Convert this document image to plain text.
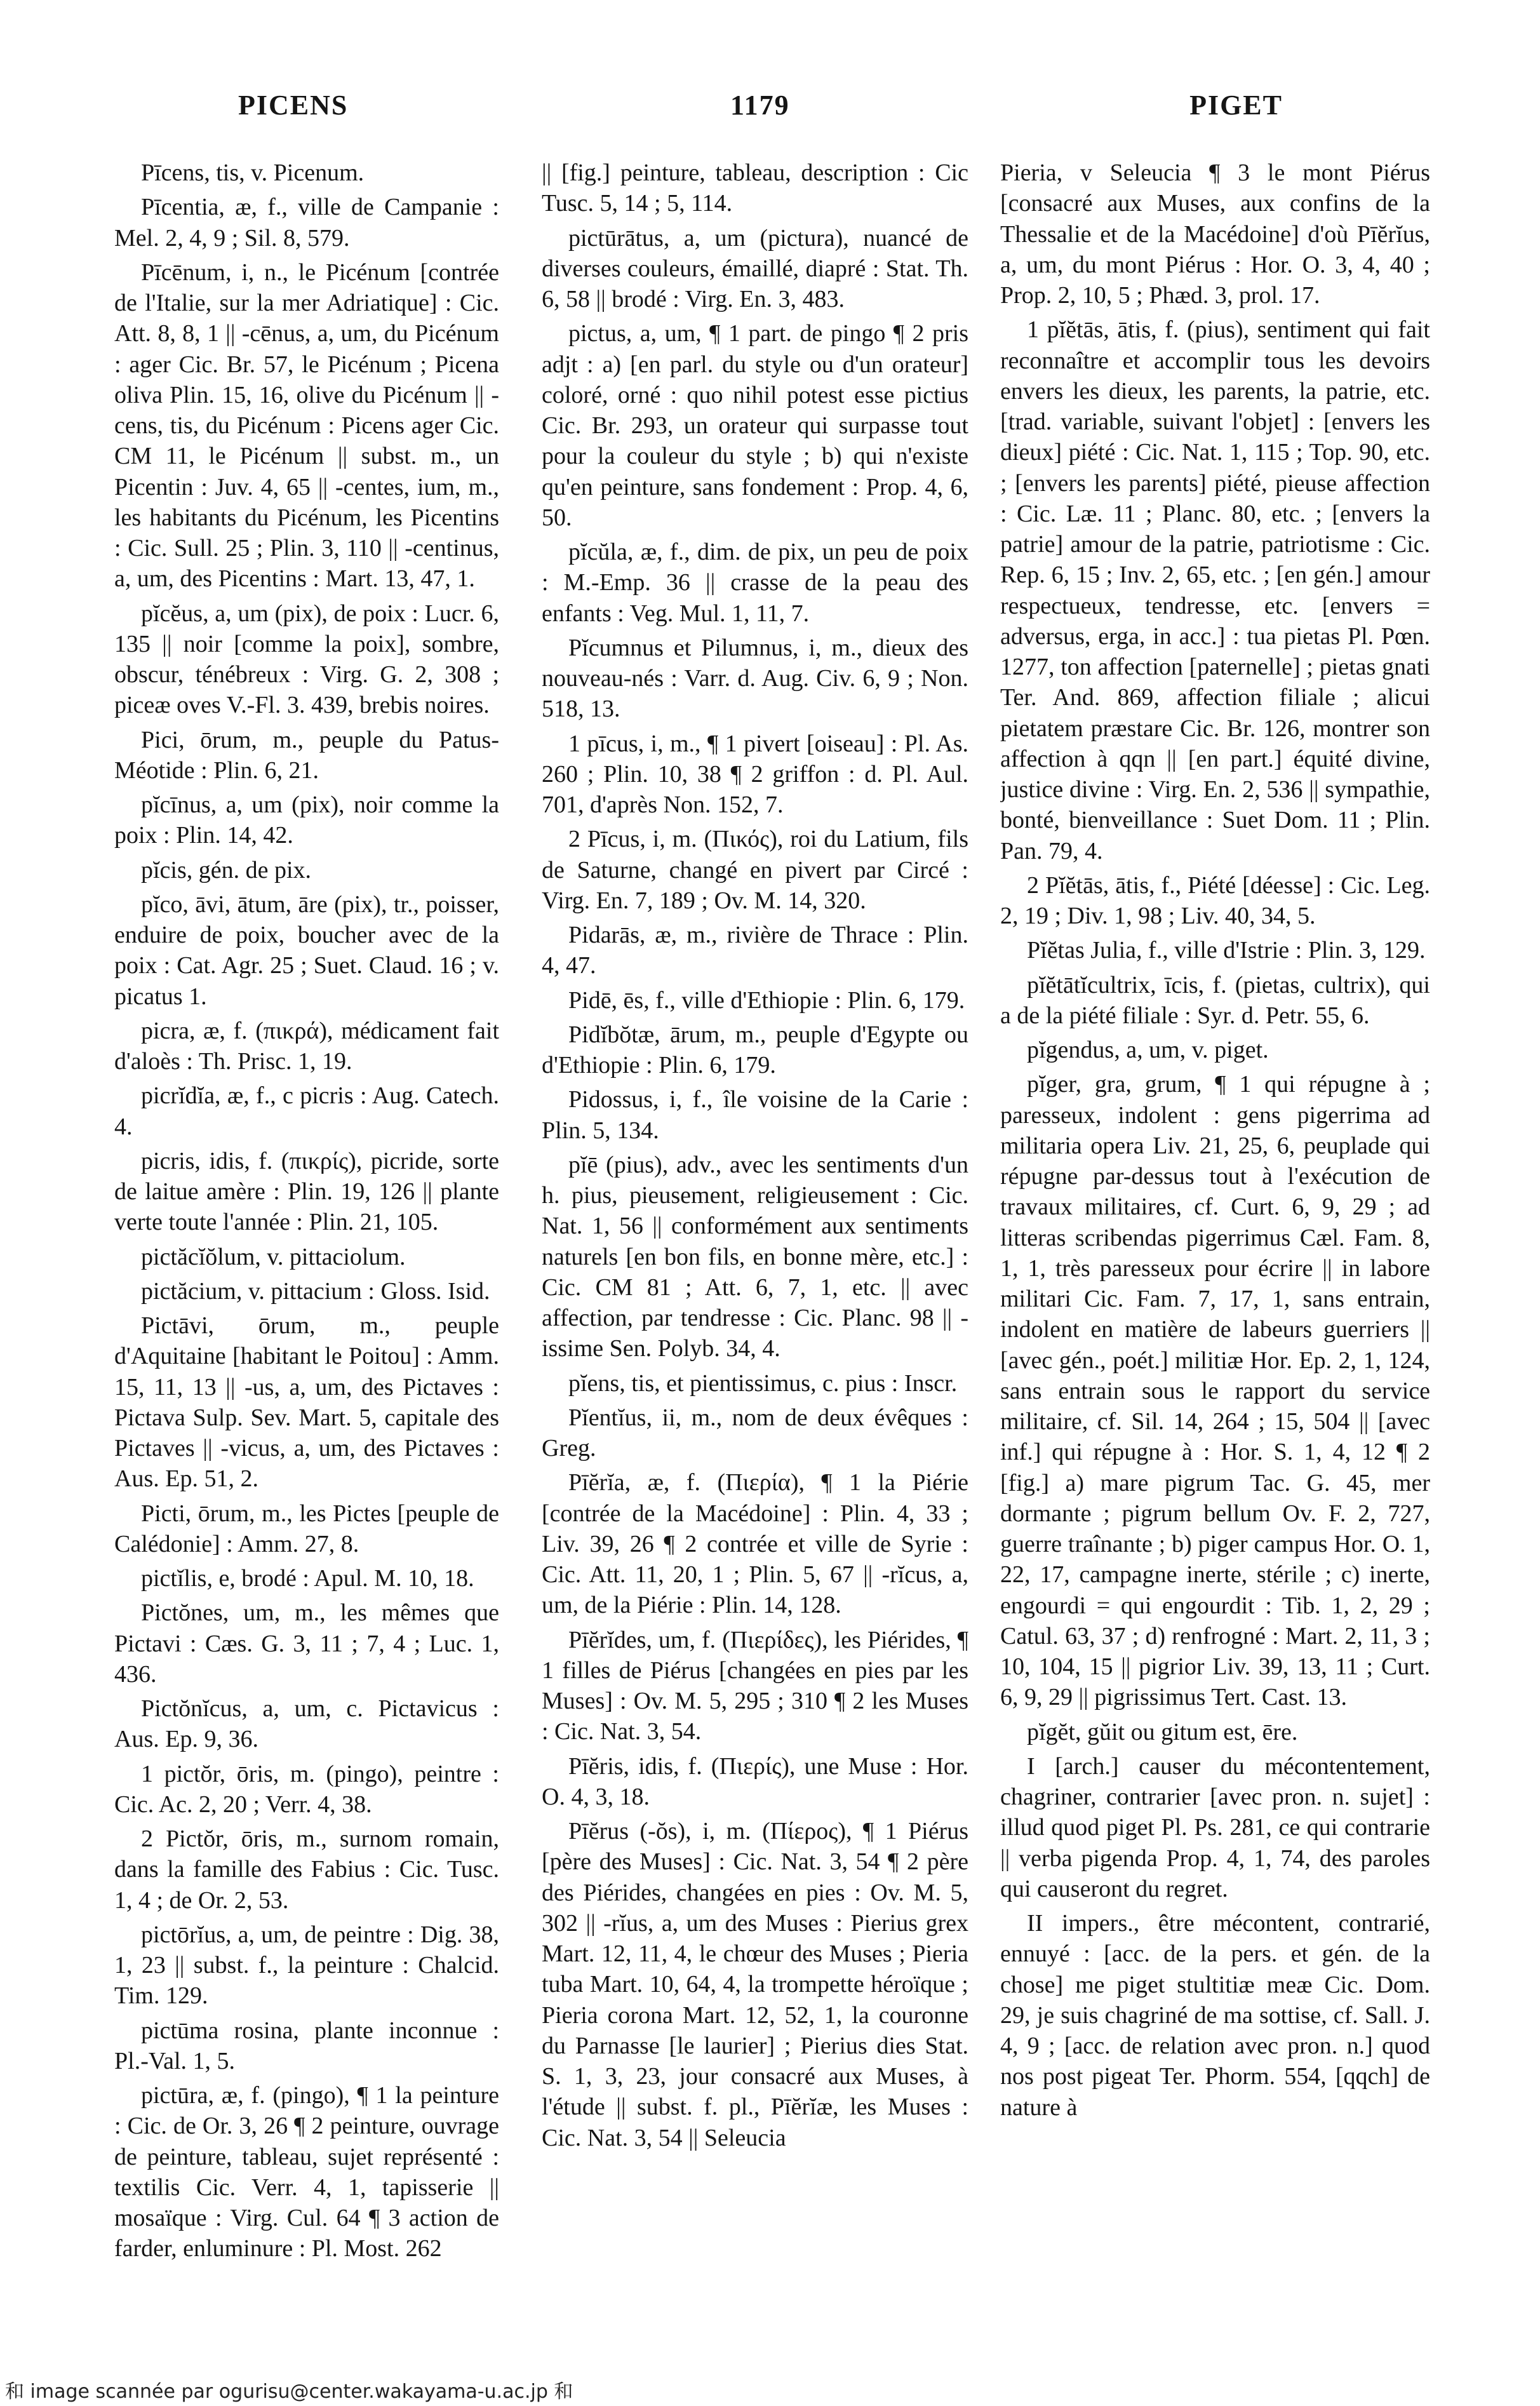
PICENS	1179	PIGET
Pīcens, tis, v. Picenum.
Pīcentia, æ, f., ville de Campanie : Mel. 2, 4, 9 ; Sil. 8, 579.
Pīcēnum, i, n., le Picénum [contrée de l'Italie, sur la mer Adriatique] : Cic. Att. 8, 8, 1 || -cēnus, a, um, du Picénum : ager Cic. Br. 57, le Picénum ; Picena oliva Plin. 15, 16, olive du Picénum || -cens, tis, du Picénum : Picens ager Cic. CM 11, le Picénum || subst. m., un Picentin : Juv. 4, 65 || -centes, ium, m., les habitants du Picénum, les Picentins : Cic. Sull. 25 ; Plin. 3, 110 || -centinus, a, um, des Picentins : Mart. 13, 47, 1.
pĭcĕus, a, um (pix), de poix : Lucr. 6, 135 || noir [comme la poix], sombre, obscur, ténébreux : Virg. G. 2, 308 ; piceæ oves V.-Fl. 3. 439, brebis noires.
Pici, ōrum, m., peuple du Patus-Méotide : Plin. 6, 21.
pĭcīnus, a, um (pix), noir comme la poix : Plin. 14, 42.
pĭcis, gén. de pix.
pĭco, āvi, ātum, āre (pix), tr., poisser, enduire de poix, boucher avec de la poix : Cat. Agr. 25 ; Suet. Claud. 16 ; v. picatus 1.
picra, æ, f. (πικρά), médicament fait d'aloès : Th. Prisc. 1, 19.
picrĭdĭa, æ, f., c picris : Aug. Catech. 4.
picris, idis, f. (πικρίς), picride, sorte de laitue amère : Plin. 19, 126 || plante verte toute l'année : Plin. 21, 105.
pictăcĭŏlum, v. pittaciolum.
pictăcium, v. pittacium : Gloss. Isid.
Pictāvi, ōrum, m., peuple d'Aquitaine [habitant le Poitou] : Amm. 15, 11, 13 || -us, a, um, des Pictaves : Pictava Sulp. Sev. Mart. 5, capitale des Pictaves || -vicus, a, um, des Pictaves : Aus. Ep. 51, 2.
Picti, ōrum, m., les Pictes [peuple de Calédonie] : Amm. 27, 8.
pictĭlis, e, brodé : Apul. M. 10, 18.
Pictŏnes, um, m., les mêmes que Pictavi : Cæs. G. 3, 11 ; 7, 4 ; Luc. 1, 436.
Pictŏnĭcus, a, um, c. Pictavicus : Aus. Ep. 9, 36.
1 pictŏr, ōris, m. (pingo), peintre : Cic. Ac. 2, 20 ; Verr. 4, 38.
2 Pictŏr, ōris, m., surnom romain, dans la famille des Fabius : Cic. Tusc. 1, 4 ; de Or. 2, 53.
pictōrĭus, a, um, de peintre : Dig. 38, 1, 23 || subst. f., la peinture : Chalcid. Tim. 129.
pictūma rosina, plante inconnue : Pl.-Val. 1, 5.
pictūra, æ, f. (pingo), ¶ 1 la peinture : Cic. de Or. 3, 26 ¶ 2 peinture, ouvrage de peinture, tableau, sujet représenté : textilis Cic. Verr. 4, 1, tapisserie || mosaïque : Virg. Cul. 64 ¶ 3 action de farder, enluminure : Pl. Most. 262
|| [fig.] peinture, tableau, description : Cic Tusc. 5, 14 ; 5, 114.
pictūrātus, a, um (pictura), nuancé de diverses couleurs, émaillé, diapré : Stat. Th. 6, 58 || brodé : Virg. En. 3, 483.
pictus, a, um, ¶ 1 part. de pingo ¶ 2 pris adjt : a) [en parl. du style ou d'un orateur] coloré, orné : quo nihil potest esse pictius Cic. Br. 293, un orateur qui surpasse tout pour la couleur du style ; b) qui n'existe qu'en peinture, sans fondement : Prop. 4, 6, 50.
pĭcŭla, æ, f., dim. de pix, un peu de poix : M.-Emp. 36 || crasse de la peau des enfants : Veg. Mul. 1, 11, 7.
Pĭcumnus et Pilumnus, i, m., dieux des nouveau-nés : Varr. d. Aug. Civ. 6, 9 ; Non. 518, 13.
1 pīcus, i, m., ¶ 1 pivert [oiseau] : Pl. As. 260 ; Plin. 10, 38 ¶ 2 griffon : d. Pl. Aul. 701, d'après Non. 152, 7.
2 Pīcus, i, m. (Πικός), roi du Latium, fils de Saturne, changé en pivert par Circé : Virg. En. 7, 189 ; Ov. M. 14, 320.
Pidarās, æ, m., rivière de Thrace : Plin. 4, 47.
Pidē, ēs, f., ville d'Ethiopie : Plin. 6, 179.
Pidĭbŏtæ, ārum, m., peuple d'Egypte ou d'Ethiopie : Plin. 6, 179.
Pidossus, i, f., île voisine de la Carie : Plin. 5, 134.
pĭē (pius), adv., avec les sentiments d'un h. pius, pieusement, religieusement : Cic. Nat. 1, 56 || conformément aux sentiments naturels [en bon fils, en bonne mère, etc.] : Cic. CM 81 ; Att. 6, 7, 1, etc. || avec affection, par tendresse : Cic. Planc. 98 || -issime Sen. Polyb. 34, 4.
pĭens, tis, et pientissimus, c. pius : Inscr.
Pĭentĭus, ii, m., nom de deux évêques : Greg.
Pīĕrĭa, æ, f. (Πιερία), ¶ 1 la Piérie [contrée de la Macédoine] : Plin. 4, 33 ; Liv. 39, 26 ¶ 2 contrée et ville de Syrie : Cic. Att. 11, 20, 1 ; Plin. 5, 67 || -rĭcus, a, um, de la Piérie : Plin. 14, 128.
Pīĕrĭdes, um, f. (Πιερίδες), les Piérides, ¶ 1 filles de Piérus [changées en pies par les Muses] : Ov. M. 5, 295 ; 310 ¶ 2 les Muses : Cic. Nat. 3, 54.
Pīĕris, idis, f. (Πιερίς), une Muse : Hor. O. 4, 3, 18.
Pīĕrus (-ŏs), i, m. (Πίερος), ¶ 1 Piérus [père des Muses] : Cic. Nat. 3, 54 ¶ 2 père des Piérides, changées en pies : Ov. M. 5, 302 || -rĭus, a, um des Muses : Pierius grex Mart. 12, 11, 4, le chœur des Muses ; Pieria tuba Mart. 10, 64, 4, la trompette héroïque ; Pieria corona Mart. 12, 52, 1, la couronne du Parnasse [le laurier] ; Pierius dies Stat. S. 1, 3, 23, jour consacré aux Muses, à l'étude || subst. f. pl., Pīĕrĭæ, les Muses : Cic. Nat. 3, 54 || Seleucia
Pieria, v Seleucia ¶ 3 le mont Piérus [consacré aux Muses, aux confins de la Thessalie et de la Macédoine] d'où Pīĕrĭus, a, um, du mont Piérus : Hor. O. 3, 4, 40 ; Prop. 2, 10, 5 ; Phæd. 3, prol. 17.
1 pĭĕtās, ātis, f. (pius), sentiment qui fait reconnaître et accomplir tous les devoirs envers les dieux, les parents, la patrie, etc. [trad. variable, suivant l'objet] : [envers les dieux] piété : Cic. Nat. 1, 115 ; Top. 90, etc. ; [envers les parents] piété, pieuse affection : Cic. Læ. 11 ; Planc. 80, etc. ; [envers la patrie] amour de la patrie, patriotisme : Cic. Rep. 6, 15 ; Inv. 2, 65, etc. ; [en gén.] amour respectueux, tendresse, etc. [envers = adversus, erga, in acc.] : tua pietas Pl. Pœn. 1277, ton affection [paternelle] ; pietas gnati Ter. And. 869, affection filiale ; alicui pietatem præstare Cic. Br. 126, montrer son affection à qqn || [en part.] équité divine, justice divine : Virg. En. 2, 536 || sympathie, bonté, bienveillance : Suet Dom. 11 ; Plin. Pan. 79, 4.
2 Pĭĕtās, ātis, f., Piété [déesse] : Cic. Leg. 2, 19 ; Div. 1, 98 ; Liv. 40, 34, 5.
Pĭĕtas Julia, f., ville d'Istrie : Plin. 3, 129.
pĭĕtātĭcultrix, īcis, f. (pietas, cultrix), qui a de la piété filiale : Syr. d. Petr. 55, 6.
pĭgendus, a, um, v. piget.
pĭger, gra, grum, ¶ 1 qui répugne à ; paresseux, indolent : gens pigerrima ad militaria opera Liv. 21, 25, 6, peuplade qui répugne par-dessus tout à l'exécution de travaux militaires, cf. Curt. 6, 9, 29 ; ad litteras scribendas pigerrimus Cæl. Fam. 8, 1, 1, très paresseux pour écrire || in labore militari Cic. Fam. 7, 17, 1, sans entrain, indolent en matière de labeurs guerriers || [avec gén., poét.] militiæ Hor. Ep. 2, 1, 124, sans entrain sous le rapport du service militaire, cf. Sil. 14, 264 ; 15, 504 || [avec inf.] qui répugne à : Hor. S. 1, 4, 12 ¶ 2 [fig.] a) mare pigrum Tac. G. 45, mer dormante ; pigrum bellum Ov. F. 2, 727, guerre traînante ; b) piger campus Hor. O. 1, 22, 17, campagne inerte, stérile ; c) inerte, engourdi = qui engourdit : Tib. 1, 2, 29 ; Catul. 63, 37 ; d) renfrogné : Mart. 2, 11, 3 ; 10, 104, 15 || pigrior Liv. 39, 13, 11 ; Curt. 6, 9, 29 || pigrissimus Tert. Cast. 13.
pĭgĕt, gŭit ou gitum est, ēre.
I [arch.] causer du mécontentement, chagriner, contrarier [avec pron. n. sujet] : illud quod piget Pl. Ps. 281, ce qui contrarie || verba pigenda Prop. 4, 1, 74, des paroles qui causeront du regret.
II impers., être mécontent, contrarié, ennuyé : [acc. de la pers. et gén. de la chose] me piget stultitiæ meæ Cic. Dom. 29, je suis chagriné de ma sottise, cf. Sall. J. 4, 9 ; [acc. de relation avec pron. n.] quod nos post pigeat Ter. Phorm. 554, [qqch] de nature à
和 image scannée par ogurisu@center.wakayama-u.ac.jp 和
